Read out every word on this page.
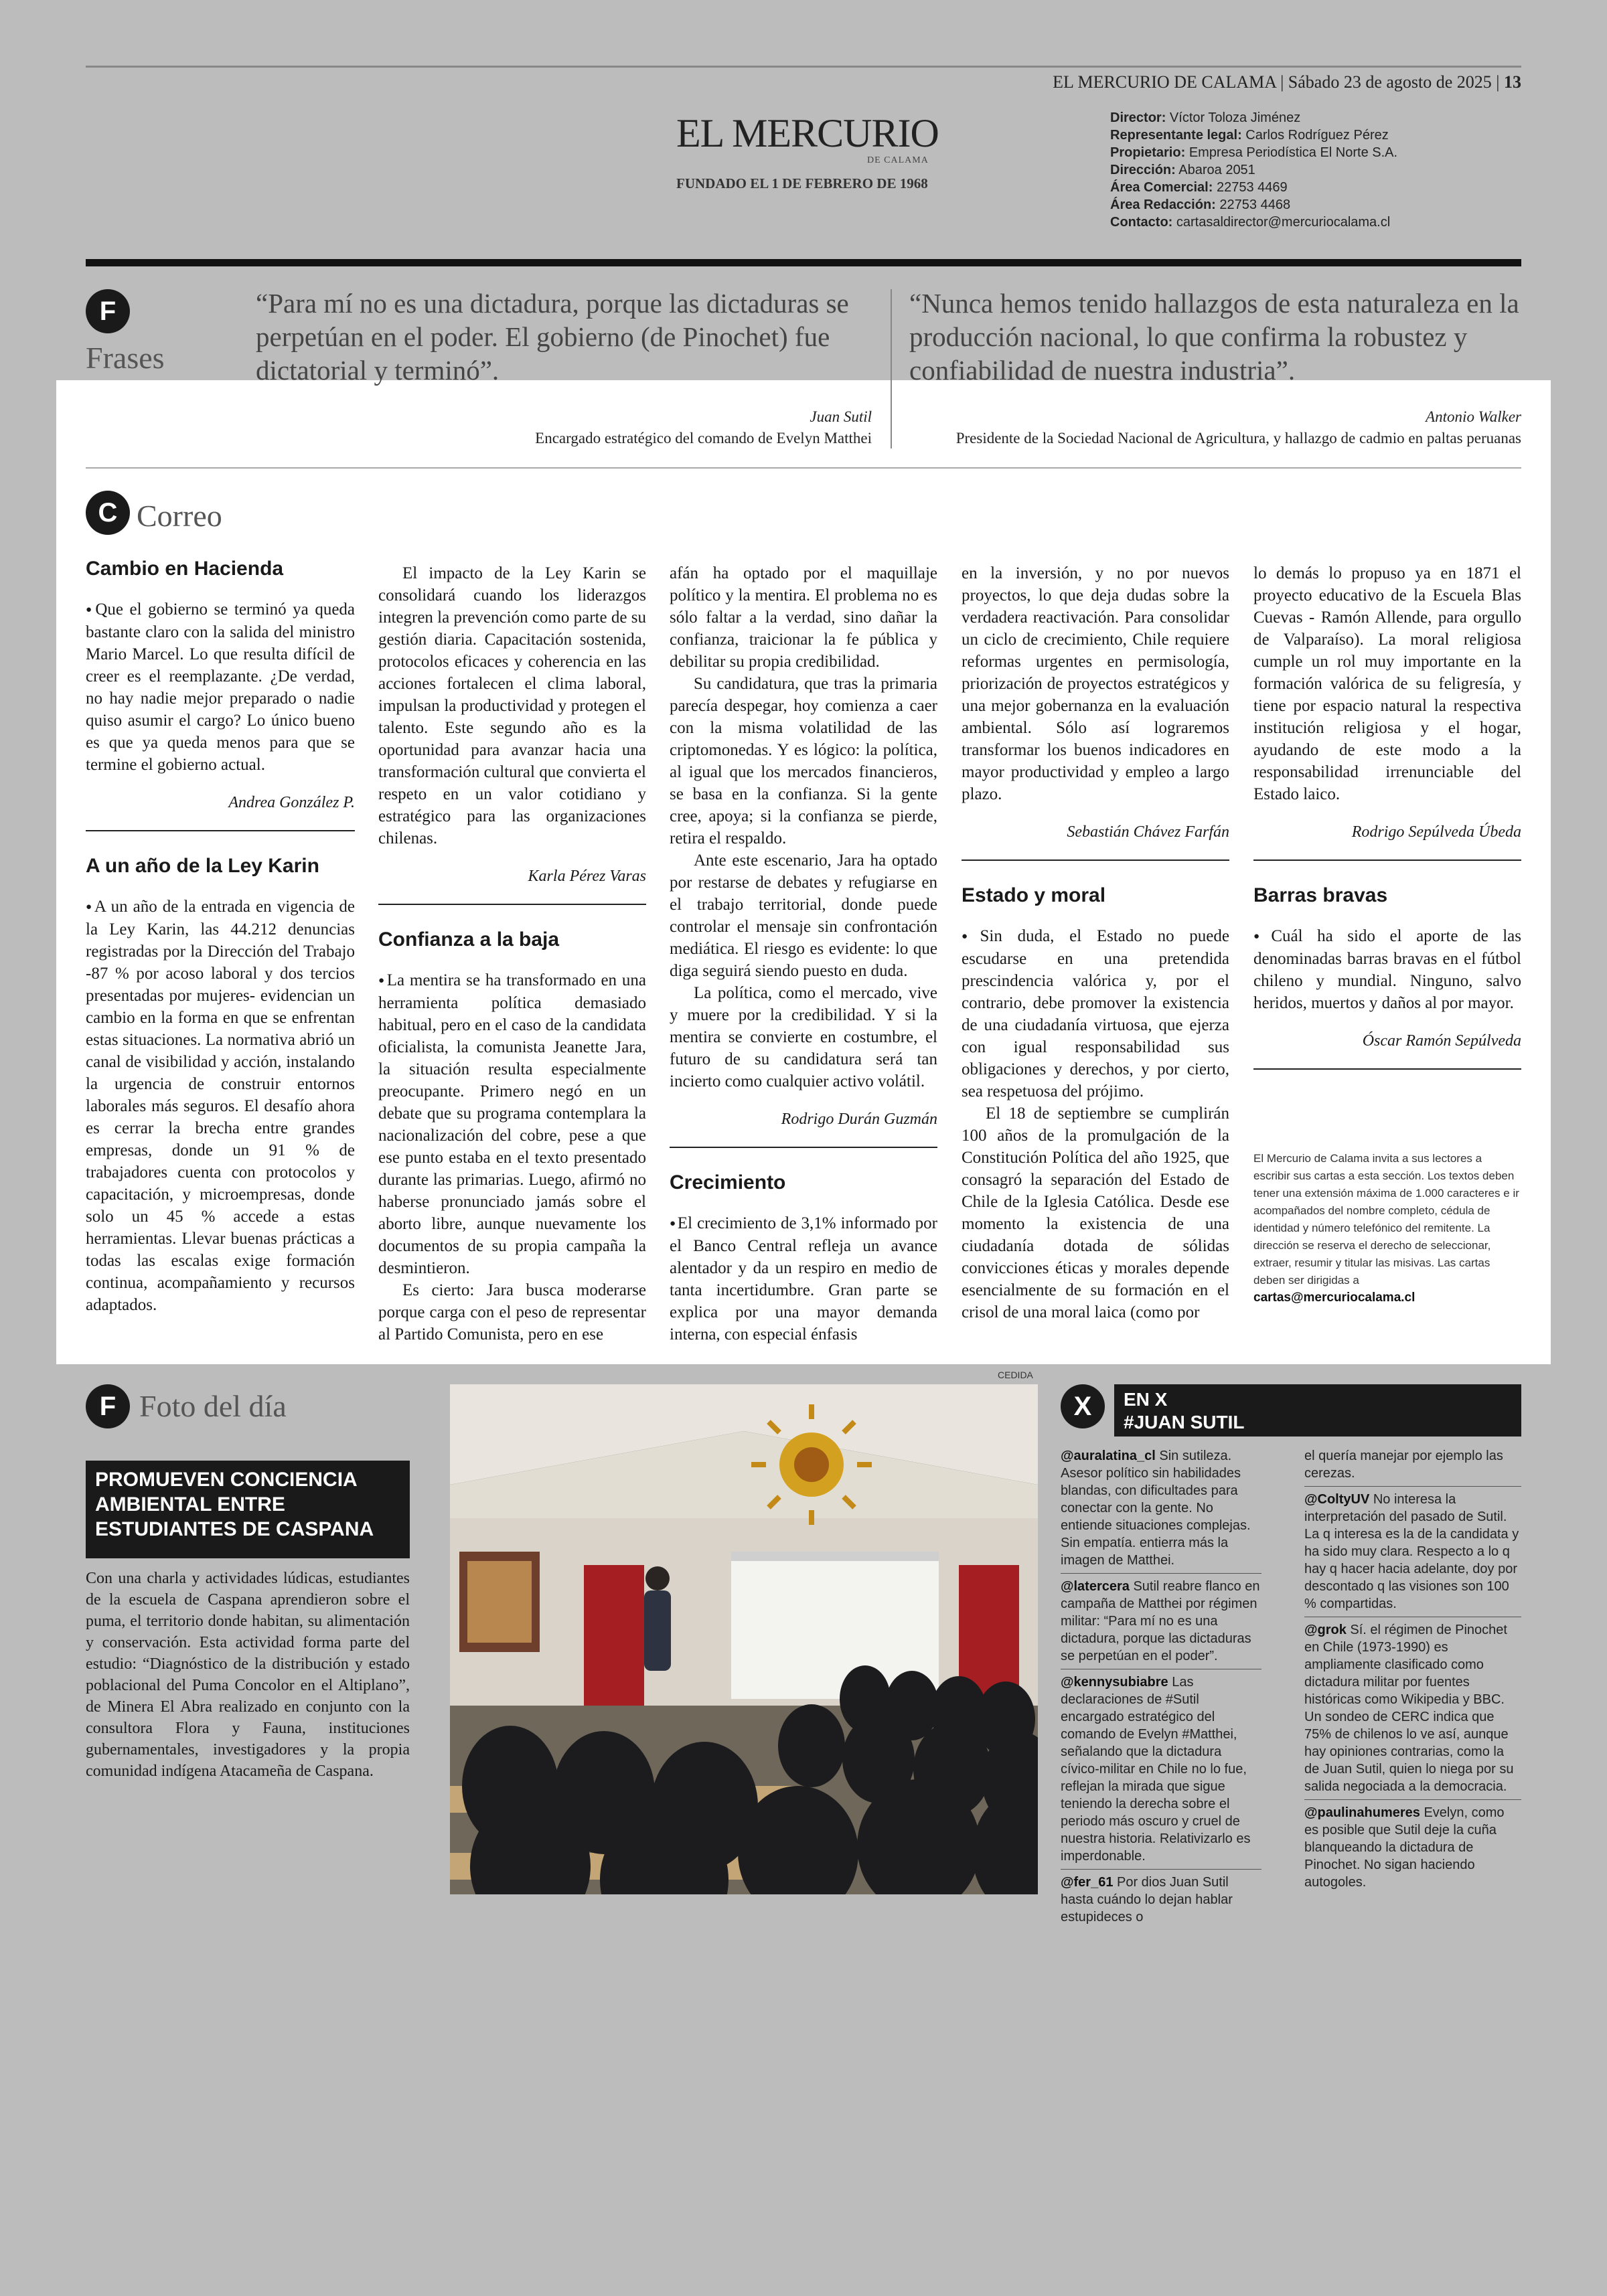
EL MERCURIO DE CALAMA | Sábado 23 de agosto de 2025 | 13
EL MERCURIO
DE CALAMA
FUNDADO EL 1 DE FEBRERO DE 1968
Director: Víctor Toloza Jiménez
Representante legal: Carlos Rodríguez Pérez
Propietario: Empresa Periodística El Norte S.A.
Dirección: Abaroa 2051
Área Comercial: 22753 4469
Área Redacción: 22753 4468
Contacto: cartasaldirector@mercuriocalama.cl
F
Frases
“Para mí no es una dictadura, porque las dictaduras se perpetúan en el poder. El gobierno (de Pinochet) fue dictatorial y terminó”.
Juan Sutil
Encargado estratégico del comando de Evelyn Matthei
“Nunca hemos tenido hallazgos de esta naturaleza en la producción nacional, lo que confirma la robustez y confiabilidad de nuestra industria”.
Antonio Walker
Presidente de la Sociedad Nacional de Agricultura, y hallazgo de cadmio en paltas peruanas
C Correo
Cambio en Hacienda

● Que el gobierno se terminó ya queda bastante claro con la salida del ministro Mario Marcel. Lo que resulta difícil de creer es el reemplazante. ¿De verdad, no hay nadie mejor preparado o nadie quiso asumir el cargo? Lo único bueno es que ya queda menos para que se termine el gobierno actual.

Andrea González P.
A un año de la Ley Karin

● A un año de la entrada en vigencia de la Ley Karin, las 44.212 denuncias registradas por la Dirección del Trabajo -87 % por acoso laboral y dos tercios presentadas por mujeres- evidencian un cambio en la forma en que se enfrentan estas situaciones. La normativa abrió un canal de visibilidad y acción, instalando la urgencia de construir entornos laborales más seguros. El desafío ahora es cerrar la brecha entre grandes empresas, donde un 91 % de trabajadores cuenta con protocolos y capacitación, y microempresas, donde solo un 45 % accede a estas herramientas. Llevar buenas prácticas a todas las escalas exige formación continua, acompañamiento y recursos adaptados.

El impacto de la Ley Karin se consolidará cuando los liderazgos integren la prevención como parte de su gestión diaria. Capacitación sostenida, protocolos eficaces y coherencia en las acciones fortalecen el clima laboral, impulsan la productividad y protegen el talento. Este segundo año es la oportunidad para avanzar hacia una transformación cultural que convierta el respeto en un valor cotidiano y estratégico para las organizaciones chilenas.

Karla Pérez Varas
Confianza a la baja

● La mentira se ha transformado en una herramienta política demasiado habitual, pero en el caso de la candidata oficialista, la comunista Jeanette Jara, la situación resulta especialmente preocupante. Primero negó en un debate que su programa contemplara la nacionalización del cobre, pese a que ese punto estaba en el texto presentado durante las primarias. Luego, afirmó no haberse pronunciado jamás sobre el aborto libre, aunque nuevamente los documentos de su propia campaña la desmintieron.

Es cierto: Jara busca moderarse porque carga con el peso de representar al Partido Comunista, pero en ese

afán ha optado por el maquillaje político y la mentira. El problema no es sólo faltar a la verdad, sino dañar la confianza, traicionar la fe pública y debilitar su propia credibilidad.

Su candidatura, que tras la primaria parecía despegar, hoy comienza a caer con la misma volatilidad de las criptomonedas. Y es lógico: la política, al igual que los mercados financieros, se basa en la confianza. Si la gente cree, apoya; si la confianza se pierde, retira el respaldo.

Ante este escenario, Jara ha optado por restarse de debates y refugiarse en el trabajo territorial, donde puede controlar el mensaje sin confrontación mediática. El riesgo es evidente: lo que diga seguirá siendo puesto en duda.

La política, como el mercado, vive y muere por la credibilidad. Y si la mentira se convierte en costumbre, el futuro de su candidatura será tan incierto como cualquier activo volátil.

Rodrigo Durán Guzmán
Crecimiento

● El crecimiento de 3,1% informado por el Banco Central refleja un avance alentador y da un respiro en medio de tanta incertidumbre. Gran parte se explica por una mayor demanda interna, con especial énfasis

en la inversión, y no por nuevos proyectos, lo que deja dudas sobre la verdadera reactivación. Para consolidar un ciclo de crecimiento, Chile requiere reformas urgentes en permisología, priorización de proyectos estratégicos y una mejor gobernanza en la evaluación ambiental. Sólo así lograremos transformar los buenos indicadores en mayor productividad y empleo a largo plazo.

Sebastián Chávez Farfán
Estado y moral

● Sin duda, el Estado no puede escudarse en una pretendida prescindencia valórica y, por el contrario, debe promover la existencia de una ciudadanía virtuosa, que ejerza con igual responsabilidad sus obligaciones y derechos, y por cierto, sea respetuosa del prójimo.

El 18 de septiembre se cumplirán 100 años de la promulgación de la Constitución Política del año 1925, que consagró la separación del Estado de Chile de la Iglesia Católica. Desde ese momento la existencia de una ciudadanía dotada de sólidas convicciones éticas y morales depende esencialmente de su formación en el crisol de una moral laica (como por

lo demás lo propuso ya en 1871 el proyecto educativo de la Escuela Blas Cuevas - Ramón Allende, para orgullo de Valparaíso). La moral religiosa cumple un rol muy importante en la formación valórica de su feligresía, y tiene por espacio natural la respectiva institución religiosa y el hogar, ayudando de este modo a la responsabilidad irrenunciable del Estado laico.

Rodrigo Sepúlveda Úbeda
Barras bravas

● Cuál ha sido el aporte de las denominadas barras bravas en el fútbol chileno y mundial. Ninguno, salvo heridos, muertos y daños al por mayor.

Óscar Ramón Sepúlveda
El Mercurio de Calama invita a sus lectores a escribir sus cartas a esta sección. Los textos deben tener una extensión máxima de 1.000 caracteres e ir acompañados del nombre completo, cédula de identidad y número telefónico del remitente. La dirección se reserva el derecho de seleccionar, extraer, resumir y titular las misivas. Las cartas deben ser dirigidas a cartas@mercuriocalama.cl
F Foto del día
PROMUEVEN CONCIENCIA AMBIENTAL ENTRE ESTUDIANTES DE CASPANA
Con una charla y actividades lúdicas, estudiantes de la escuela de Caspana aprendieron sobre el puma, el territorio donde habitan, su alimentación y conservación. Esta actividad forma parte del estudio: “Diagnóstico de la distribución y estado poblacional del Puma Concolor en el Altiplano”, de Minera El Abra realizado en conjunto con la consultora Flora y Fauna, instituciones gubernamentales, investigadores y la propia comunidad indígena Atacameña de Caspana.
CEDIDA
X	EN X
#JUAN SUTIL
@auralatina_cl Sin sutileza. Asesor político sin habilidades blandas, con dificultades para conectar con la gente. No entiende situaciones complejas. Sin empatía. entierra más la imagen de Matthei.
@latercera Sutil reabre flanco en campaña de Matthei por régimen militar: “Para mí no es una dictadura, porque las dictaduras se perpetúan en el poder”.
@kennysubiabre Las declaraciones de #Sutil encargado estratégico del comando de Evelyn #Matthei, señalando que la dictadura cívico-militar en Chile no lo fue, reflejan la mirada que sigue teniendo la derecha sobre el periodo más oscuro y cruel de nuestra historia. Relativizarlo es imperdonable.
@fer_61 Por dios Juan Sutil hasta cuándo lo dejan hablar estupideces o
el quería manejar por ejemplo las cerezas.
@ColtyUV No interesa la interpretación del pasado de Sutil. La q interesa es la de la candidata y ha sido muy clara. Respecto a lo q hay q hacer hacia adelante, doy por descontado q las visiones son 100 % compartidas.
@grok Sí. el régimen de Pinochet en Chile (1973-1990) es ampliamente clasificado como dictadura militar por fuentes históricas como Wikipedia y BBC. Un sondeo de CERC indica que 75% de chilenos lo ve así, aunque hay opiniones contrarias, como la de Juan Sutil, quien lo niega por su salida negociada a la democracia.
@paulinahumeres Evelyn, como es posible que Sutil deje la cuña blanqueando la dictadura de Pinochet. No sigan haciendo autogoles.
